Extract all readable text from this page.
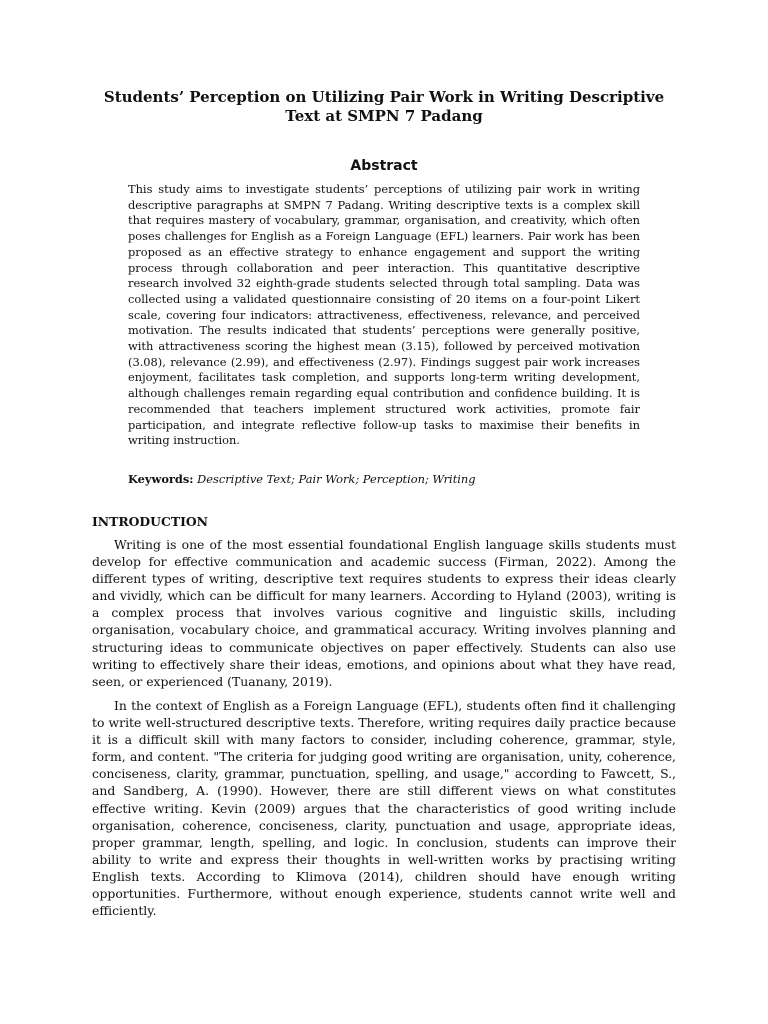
Students’ Perception on Utilizing Pair Work in Writing Descriptive Text at SMPN 7 Padang
Abstract

This study aims to investigate students’ perceptions of utilizing pair work in writing descriptive paragraphs at SMPN 7 Padang. Writing descriptive texts is a complex skill that requires mastery of vocabulary, grammar, organisation, and creativity, which often poses challenges for English as a Foreign Language (EFL) learners. Pair work has been proposed as an effective strategy to enhance engagement and support the writing process through collaboration and peer interaction. This quantitative descriptive research involved 32 eighth-grade students selected through total sampling. Data was collected using a validated questionnaire consisting of 20 items on a four-point Likert scale, covering four indicators: attractiveness, effectiveness, relevance, and perceived motivation. The results indicated that students’ perceptions were generally positive, with attractiveness scoring the highest mean (3.15), followed by perceived motivation (3.08), relevance (2.99), and effectiveness (2.97). Findings suggest pair work increases enjoyment, facilitates task completion, and supports long-term writing development, although challenges remain regarding equal contribution and confidence building. It is recommended that teachers implement structured work activities, promote fair participation, and integrate reflective follow-up tasks to maximise their benefits in writing instruction.

Keywords: Descriptive Text; Pair Work; Perception; Writing

INTRODUCTION

Writing is one of the most essential foundational English language skills students must develop for effective communication and academic success (Firman, 2022). Among the different types of writing, descriptive text requires students to express their ideas clearly and vividly, which can be difficult for many learners. According to Hyland (2003), writing is a complex process that involves various cognitive and linguistic skills, including organisation, vocabulary choice, and grammatical accuracy. Writing involves planning and structuring ideas to communicate objectives on paper effectively. Students can also use writing to effectively share their ideas, emotions, and opinions about what they have read, seen, or experienced (Tuanany, 2019).

In the context of English as a Foreign Language (EFL), students often find it challenging to write well-structured descriptive texts. Therefore, writing requires daily practice because it is a difficult skill with many factors to consider, including coherence, grammar, style, form, and content. "The criteria for judging good writing are organisation, unity, coherence, conciseness, clarity, grammar, punctuation, spelling, and usage," according to Fawcett, S., and Sandberg, A. (1990). However, there are still different views on what constitutes effective writing. Kevin (2009) argues that the characteristics of good writing include organisation, coherence, conciseness, clarity, punctuation and usage, appropriate ideas, proper grammar, length, spelling, and logic. In conclusion, students can improve their ability to write and express their thoughts in well-written works by practising writing English texts. According to Klimova (2014), children should have enough writing opportunities. Furthermore, without enough experience, students cannot write well and efficiently.
